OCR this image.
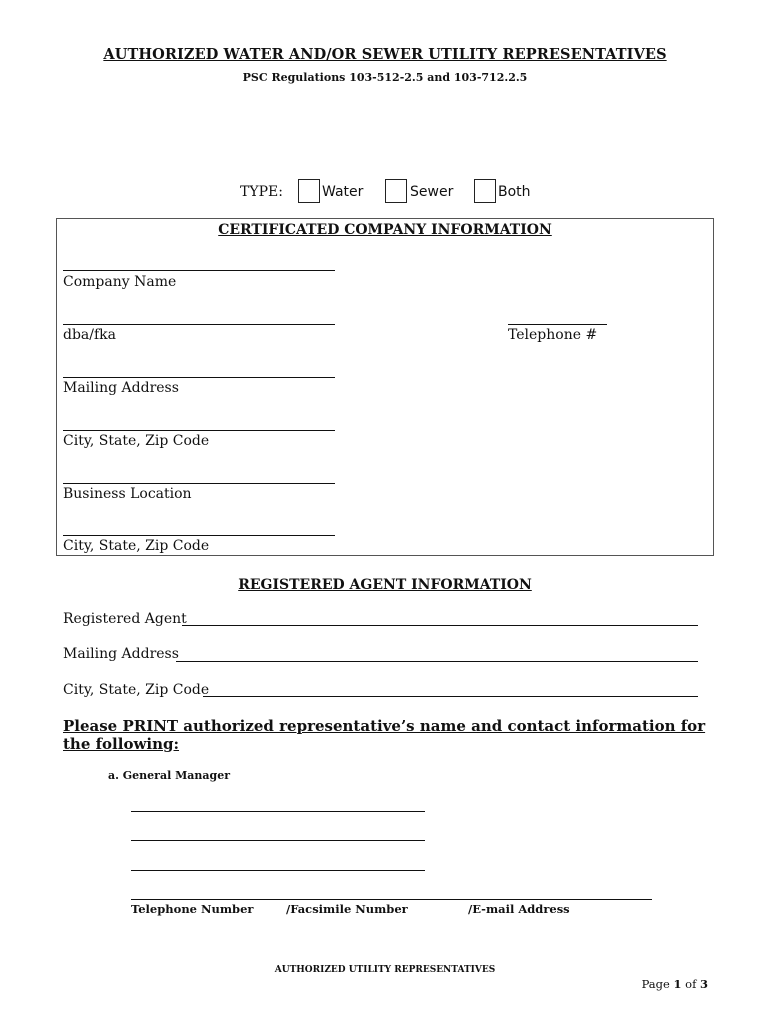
AUTHORIZED WATER AND/OR SEWER UTILITY REPRESENTATIVES
PSC Regulations 103-512-2.5 and 103-712.2.5
TYPE:	Water	Sewer	Both
CERTIFICATED COMPANY INFORMATION
Company Name
dba/fka	Telephone #
Mailing Address
City, State, Zip Code
Business Location
City, State, Zip Code
REGISTERED AGENT INFORMATION
Registered Agent
Mailing Address
City, State, Zip Code
Please PRINT authorized representative’s name and contact information for the following:
a. General Manager
Telephone Number	/Facsimile Number	/E-mail Address
AUTHORIZED UTILITY REPRESENTATIVES
Page 1 of 3
